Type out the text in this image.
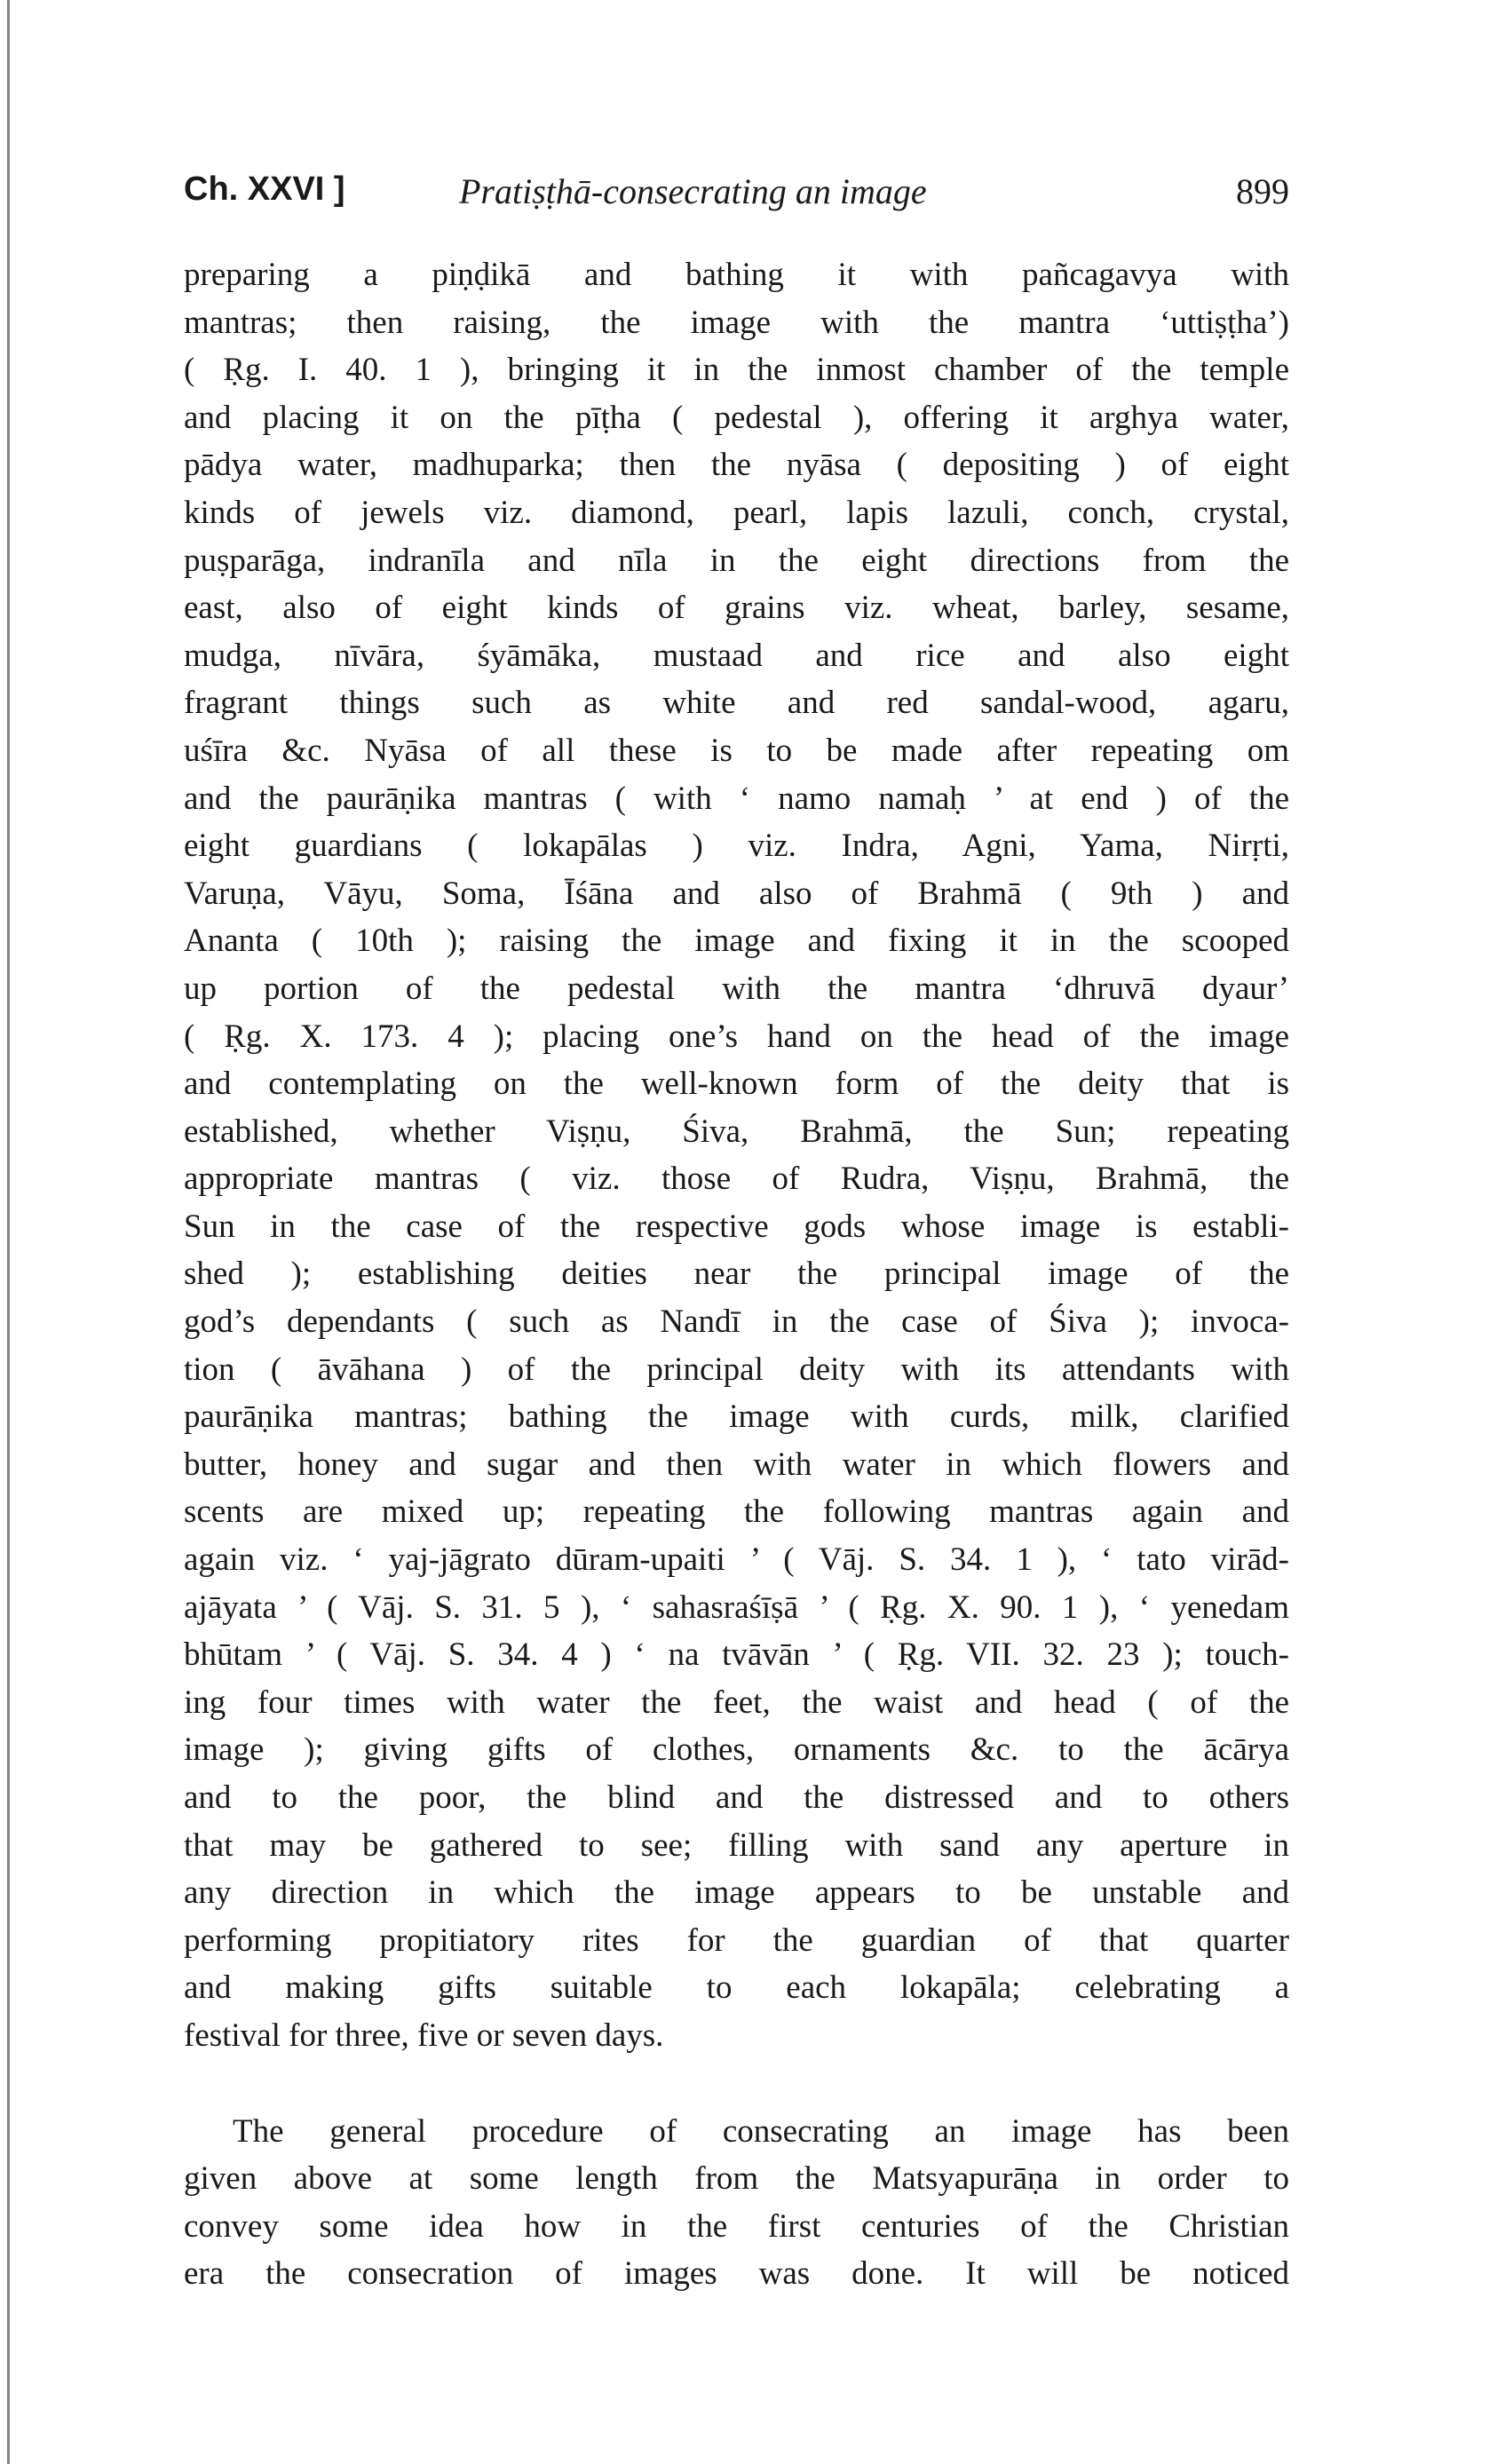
Ch. XXVI ]	Pratiṣṭhā-consecrating an image	899
preparing a piṇḍikā and bathing it with pañcagavya with
mantras; then raising, the image with the mantra ‘uttiṣṭha’)
( Ṛg. I. 40. 1 ), bringing it in the inmost chamber of the temple
and placing it on the pīṭha ( pedestal ), offering it arghya water,
pādya water, madhuparka; then the nyāsa ( depositing ) of eight
kinds of jewels viz. diamond, pearl, lapis lazuli, conch, crystal,
puṣparāga, indranīla and nīla in the eight directions from the
east, also of eight kinds of grains viz. wheat, barley, sesame,
mudga, nīvāra, śyāmāka, mustaad and rice and also eight
fragrant things such as white and red sandal-wood, agaru,
uśīra &c. Nyāsa of all these is to be made after repeating om
and the paurāṇika mantras ( with ‘ namo namaḥ ’ at end ) of the
eight guardians ( lokapālas ) viz. Indra, Agni, Yama, Nirṛti,
Varuṇa, Vāyu, Soma, Īśāna and also of Brahmā ( 9th ) and
Ananta ( 10th ); raising the image and fixing it in the scooped
up portion of the pedestal with the mantra ‘dhruvā dyaur’
( Ṛg. X. 173. 4 ); placing one’s hand on the head of the image
and contemplating on the well-known form of the deity that is
established, whether Viṣṇu, Śiva, Brahmā, the Sun; repeating
appropriate mantras ( viz. those of Rudra, Viṣṇu, Brahmā, the
Sun in the case of the respective gods whose image is establi-
shed ); establishing deities near the principal image of the
god’s dependants ( such as Nandī in the case of Śiva ); invoca-
tion ( āvāhana ) of the principal deity with its attendants with
paurāṇika mantras; bathing the image with curds, milk, clarified
butter, honey and sugar and then with water in which flowers and
scents are mixed up; repeating the following mantras again and
again viz. ‘ yaj-jāgrato dūram-upaiti ’ ( Vāj. S. 34. 1 ), ‘ tato virād-
ajāyata ’ ( Vāj. S. 31. 5 ), ‘ sahasraśīṣā ’ ( Ṛg. X. 90. 1 ), ‘ yenedam
bhūtam ’ ( Vāj. S. 34. 4 ) ‘ na tvāvān ’ ( Ṛg. VII. 32. 23 ); touch-
ing four times with water the feet, the waist and head ( of the
image ); giving gifts of clothes, ornaments &c. to the ācārya
and to the poor, the blind and the distressed and to others
that may be gathered to see; filling with sand any aperture in
any direction in which the image appears to be unstable and
performing propitiatory rites for the guardian of that quarter
and making gifts suitable to each lokapāla; celebrating a
festival for three, five or seven days.
The general procedure of consecrating an image has been
given above at some length from the Matsyapurāṇa in order to
convey some idea how in the first centuries of the Christian
era the consecration of images was done. It will be noticed
